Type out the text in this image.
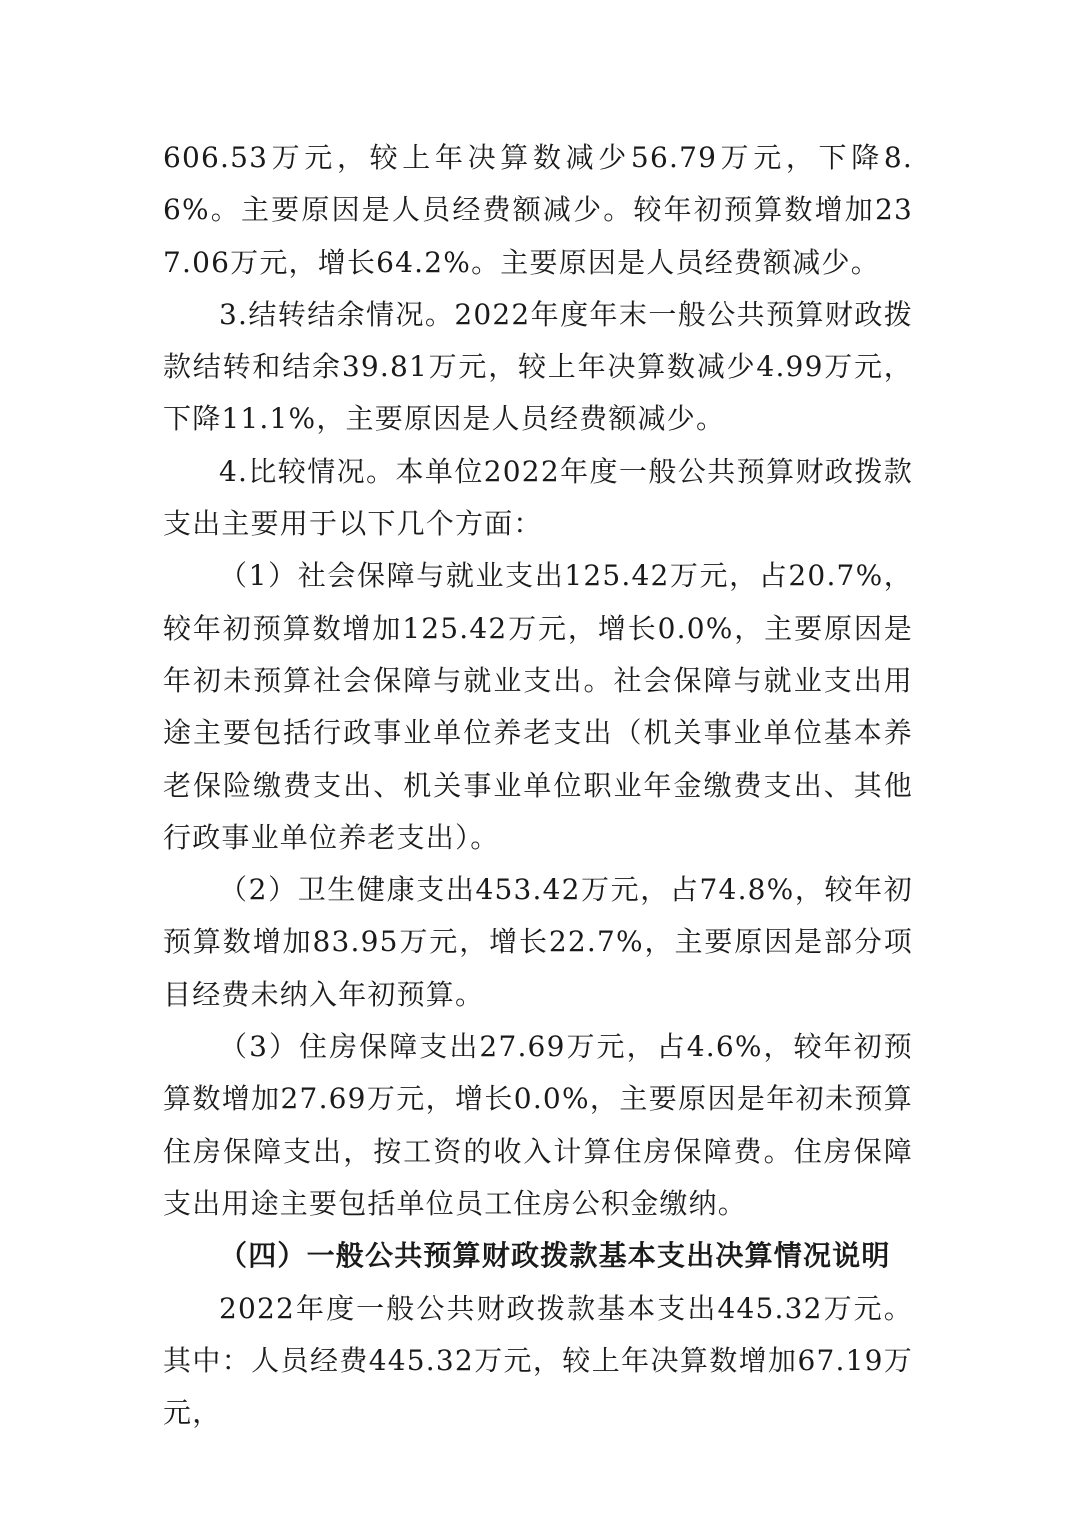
606.53万元，较上年决算数减少56.79万元，下降8.6%。主要原因是人员经费额减少。较年初预算数增加237.06万元，增长64.2%。主要原因是人员经费额减少。

3.结转结余情况。2022年度年末一般公共预算财政拨款结转和结余39.81万元，较上年决算数减少4.99万元，下降11.1%，主要原因是人员经费额减少。

4.比较情况。本单位2022年度一般公共预算财政拨款支出主要用于以下几个方面：

（1）社会保障与就业支出125.42万元，占20.7%，较年初预算数增加125.42万元，增长0.0%，主要原因是年初未预算社会保障与就业支出。社会保障与就业支出用途主要包括行政事业单位养老支出（机关事业单位基本养老保险缴费支出、机关事业单位职业年金缴费支出、其他行政事业单位养老支出）。

（2）卫生健康支出453.42万元，占74.8%，较年初预算数增加83.95万元，增长22.7%，主要原因是部分项目经费未纳入年初预算。

（3）住房保障支出27.69万元，占4.6%，较年初预算数增加27.69万元，增长0.0%，主要原因是年初未预算住房保障支出，按工资的收入计算住房保障费。住房保障支出用途主要包括单位员工住房公积金缴纳。

（四）一般公共预算财政拨款基本支出决算情况说明

2022年度一般公共财政拨款基本支出445.32万元。其中：人员经费445.32万元，较上年决算数增加67.19万元，
